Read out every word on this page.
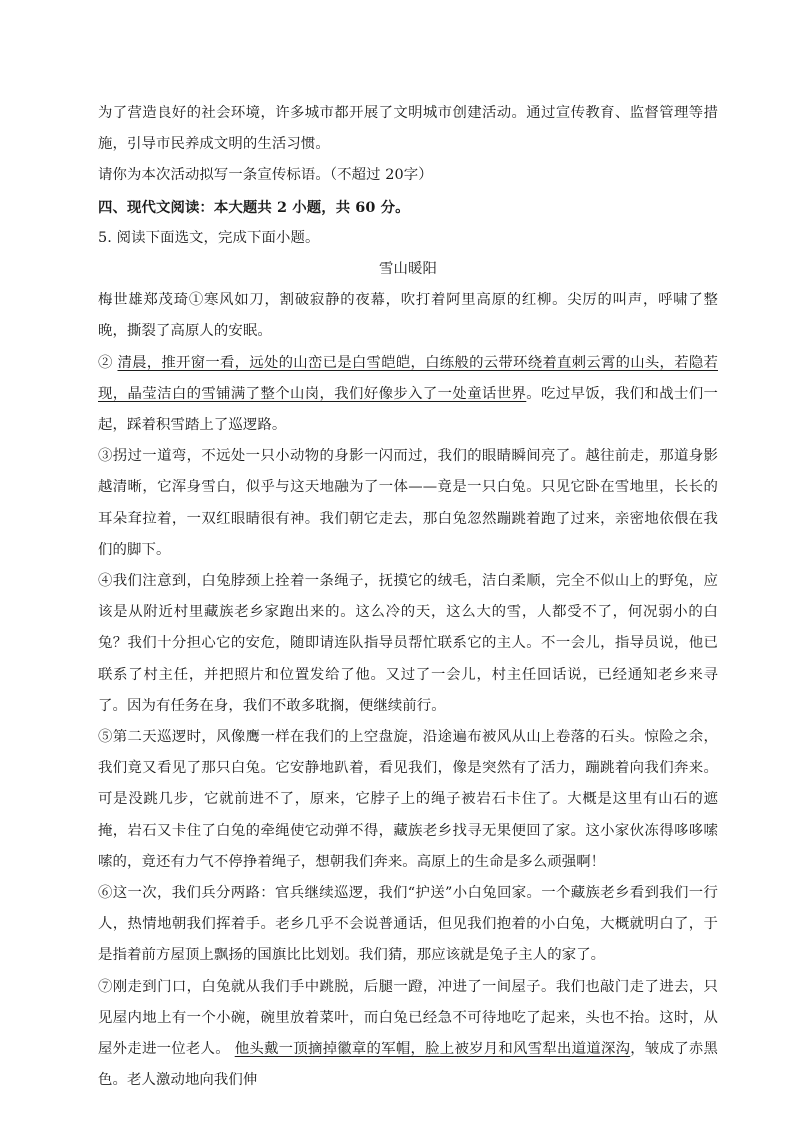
为了营造良好的社会环境，许多城市都开展了文明城市创建活动。通过宣传教育、监督管理等措施，引导市民养成文明的生活习惯。

请你为本次活动拟写一条宣传标语。（不超过 20字）

四、现代文阅读：本大题共 2 小题，共 60 分。

5. 阅读下面选文，完成下面小题。

雪山暖阳

梅世雄郑茂琦①寒风如刀，割破寂静的夜幕，吹打着阿里高原的红柳。尖厉的叫声，呼啸了整晚，撕裂了高原人的安眠。

② 清晨，推开窗一看，远处的山峦已是白雪皑皑，白练般的云带环绕着直刺云霄的山头，若隐若现，晶莹洁白的雪铺满了整个山岗，我们好像步入了一处童话世界。吃过早饭，我们和战士们一起，踩着积雪踏上了巡逻路。

③拐过一道弯，不远处一只小动物的身影一闪而过，我们的眼睛瞬间亮了。越往前走，那道身影越清晰，它浑身雪白，似乎与这天地融为了一体——竟是一只白兔。只见它卧在雪地里，长长的耳朵耷拉着，一双红眼睛很有神。我们朝它走去，那白兔忽然蹦跳着跑了过来，亲密地依偎在我们的脚下。

④我们注意到，白兔脖颈上拴着一条绳子，抚摸它的绒毛，洁白柔顺，完全不似山上的野兔，应该是从附近村里藏族老乡家跑出来的。这么冷的天，这么大的雪，人都受不了，何况弱小的白兔？我们十分担心它的安危，随即请连队指导员帮忙联系它的主人。不一会儿，指导员说，他已联系了村主任，并把照片和位置发给了他。又过了一会儿，村主任回话说，已经通知老乡来寻了。因为有任务在身，我们不敢多耽搁，便继续前行。

⑤第二天巡逻时，风像鹰一样在我们的上空盘旋，沿途遍布被风从山上卷落的石头。惊险之余，我们竟又看见了那只白兔。它安静地趴着，看见我们，像是突然有了活力，蹦跳着向我们奔来。可是没跳几步，它就前进不了，原来，它脖子上的绳子被岩石卡住了。大概是这里有山石的遮掩，岩石又卡住了白兔的牵绳使它动弹不得，藏族老乡找寻无果便回了家。这小家伙冻得哆哆嗦嗦的，竟还有力气不停挣着绳子，想朝我们奔来。高原上的生命是多么顽强啊！

⑥这一次，我们兵分两路：官兵继续巡逻，我们“护送”小白兔回家。一个藏族老乡看到我们一行人，热情地朝我们挥着手。老乡几乎不会说普通话，但见我们抱着的小白兔，大概就明白了，于是指着前方屋顶上飘扬的国旗比比划划。我们猜，那应该就是兔子主人的家了。

⑦刚走到门口，白兔就从我们手中跳脱，后腿一蹬，冲进了一间屋子。我们也敲门走了进去，只见屋内地上有一个小碗，碗里放着菜叶，而白兔已经急不可待地吃了起来，头也不抬。这时，从屋外走进一位老人。 他头戴一顶摘掉徽章的军帽，脸上被岁月和风雪犁出道道深沟，皱成了赤黑色。老人激动地向我们伸
